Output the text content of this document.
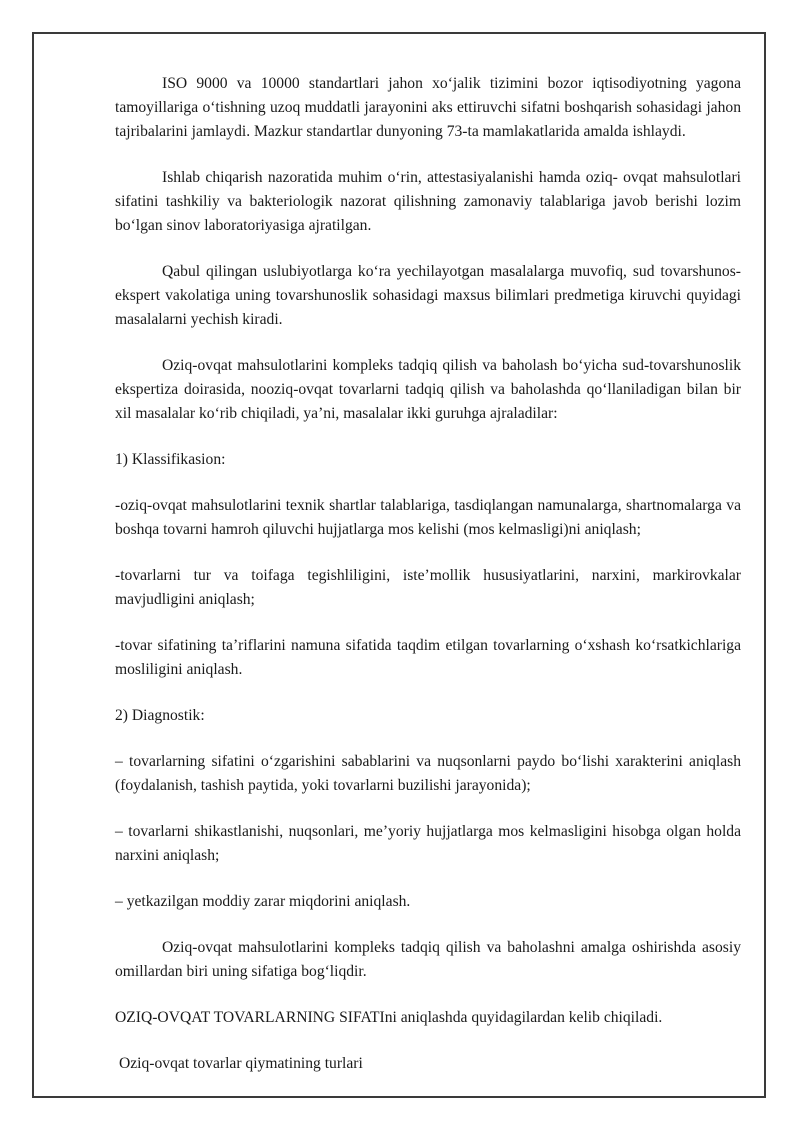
ISO 9000 va 10000 standartlari jahon xo‘jalik tizimini bozor iqtisodiyotning yagona tamoyillariga o‘tishning uzoq muddatli jarayonini aks ettiruvchi sifatni boshqarish sohasidagi jahon tajribalarini jamlaydi. Mazkur standartlar dunyoning 73-ta mamlakatlarida amalda ishlaydi.

Ishlab chiqarish nazoratida muhim o‘rin, attestasiyalanishi hamda oziq- ovqat mahsulotlari sifatini tashkiliy va bakteriologik nazorat qilishning zamonaviy talablariga javob berishi lozim bo‘lgan sinov laboratoriyasiga ajratilgan.

Qabul qilingan uslubiyotlarga ko‘ra yechilayotgan masalalarga muvofiq, sud tovarshunos-ekspert vakolatiga uning tovarshunoslik sohasidagi maxsus bilimlari predmetiga kiruvchi quyidagi masalalarni yechish kiradi.

Oziq-ovqat mahsulotlarini kompleks tadqiq qilish va baholash bo‘yicha sud-tovarshunoslik ekspertiza doirasida, nooziq-ovqat tovarlarni tadqiq qilish va baholashda qo‘llaniladigan bilan bir xil masalalar ko‘rib chiqiladi, ya’ni, masalalar ikki guruhga ajraladilar:

1) Klassifikasion:

-oziq-ovqat mahsulotlarini texnik shartlar talablariga, tasdiqlangan namunalarga, shartnomalarga va boshqa tovarni hamroh qiluvchi hujjatlarga mos kelishi (mos kelmasligi)ni aniqlash;

-tovarlarni tur va toifaga tegishliligini, iste’mollik hususiyatlarini, narxini, markirovkalar mavjudligini aniqlash;

-tovar sifatining ta’riflarini namuna sifatida taqdim etilgan tovarlarning o‘xshash ko‘rsatkichlariga mosliligini aniqlash.

2) Diagnostik:

– tovarlarning sifatini o‘zgarishini sabablarini va nuqsonlarni paydo bo‘lishi xarakterini aniqlash (foydalanish, tashish paytida, yoki tovarlarni buzilishi jarayonida);

– tovarlarni shikastlanishi, nuqsonlari, me’yoriy hujjatlarga mos kelmasligini hisobga olgan holda narxini aniqlash;

– yetkazilgan moddiy zarar miqdorini aniqlash.

Oziq-ovqat mahsulotlarini kompleks tadqiq qilish va baholashni amalga oshirishda asosiy omillardan biri uning sifatiga bog‘liqdir.

OZIQ-OVQAT TOVARLARNING SIFATIni aniqlashda quyidagilardan kelib chiqiladi.

Oziq-ovqat tovarlar qiymatining turlari
